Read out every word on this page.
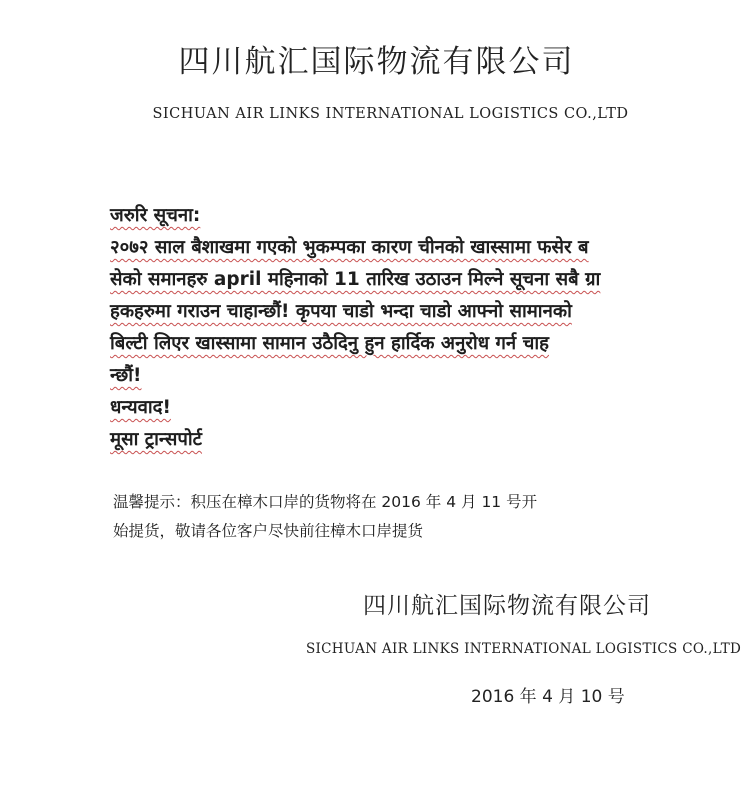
四川航汇国际物流有限公司
SICHUAN AIR LINKS INTERNATIONAL LOGISTICS CO.,LTD
जरुरि सूचना:
२०७२ साल बैशाखमा गएको भुकम्पका कारण चीनको खास्सामा फसेर ब
सेको समानहरु april महिनाको 11 तारिख उठाउन मिल्ने सूचना सबै ग्रा
हकहरुमा गराउन चाहान्छौं! कृपया चाडो भन्दा चाडो आफ्नो सामानको
बिल्टी लिएर खास्सामा सामान उठैदिनु हुन हार्दिक अनुरोध गर्न चाह
न्छौं!
धन्यवाद!
मूसा ट्रान्सपोर्ट
温馨提示：积压在樟木口岸的货物将在 2016 年 4 月 11 号开
始提货，敬请各位客户尽快前往樟木口岸提货
四川航汇国际物流有限公司
SICHUAN AIR LINKS INTERNATIONAL LOGISTICS CO.,LTD
2016 年 4 月 10 号
